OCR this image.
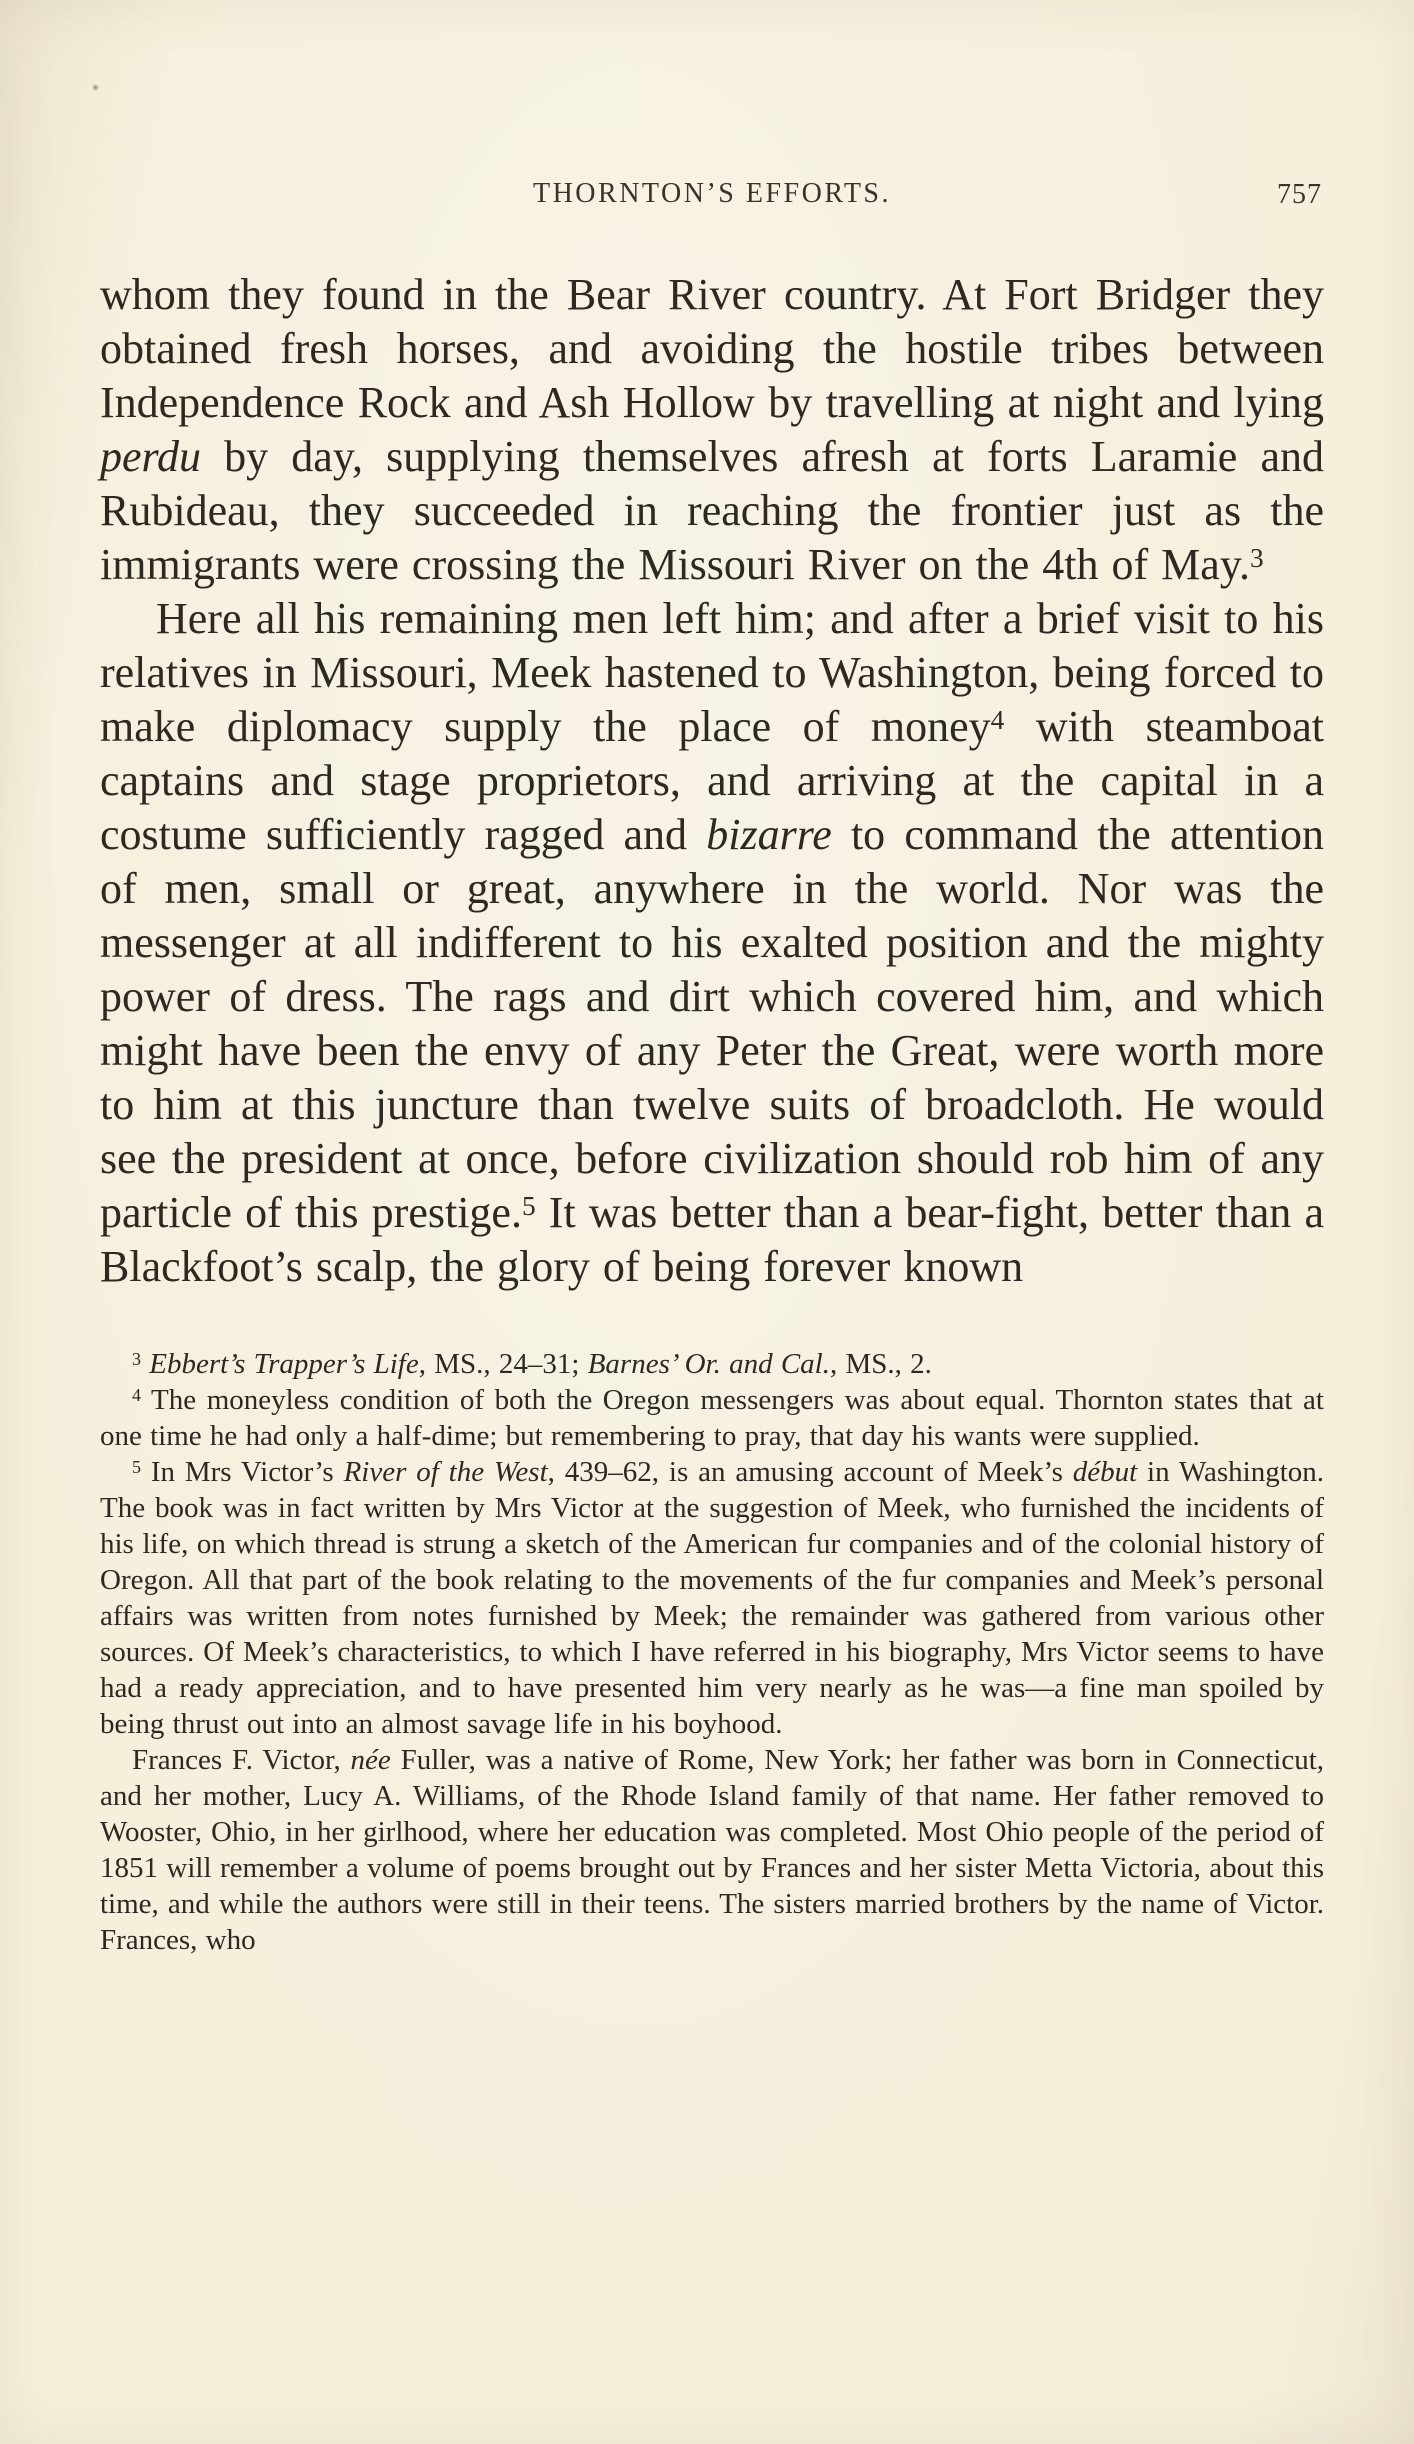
THORNTON’S EFFORTS.	757

whom they found in the Bear River country. At Fort Bridger they obtained fresh horses, and avoiding the hostile tribes between Independence Rock and Ash Hollow by travelling at night and lying perdu by day, supplying themselves afresh at forts Laramie and Rubideau, they succeeded in reaching the frontier just as the immigrants were crossing the Missouri River on the 4th of May.$^3$

Here all his remaining men left him; and after a brief visit to his relatives in Missouri, Meek hastened to Washington, being forced to make diplomacy supply the place of money$^4$ with steamboat captains and stage proprietors, and arriving at the capital in a costume sufficiently ragged and bizarre to command the attention of men, small or great, anywhere in the world. Nor was the messenger at all indifferent to his exalted position and the mighty power of dress. The rags and dirt which covered him, and which might have been the envy of any Peter the Great, were worth more to him at this juncture than twelve suits of broadcloth. He would see the president at once, before civilization should rob him of any particle of this prestige.$^5$ It was better than a bear-fight, better than a Blackfoot’s scalp, the glory of being forever known

$^3$ Ebbert’s Trapper’s Life, MS., 24–31; Barnes’ Or. and Cal., MS., 2.

$^4$ The moneyless condition of both the Oregon messengers was about equal. Thornton states that at one time he had only a half-dime; but remembering to pray, that day his wants were supplied.

$^5$ In Mrs Victor’s River of the West, 439–62, is an amusing account of Meek’s début in Washington. The book was in fact written by Mrs Victor at the suggestion of Meek, who furnished the incidents of his life, on which thread is strung a sketch of the American fur companies and of the colonial history of Oregon. All that part of the book relating to the movements of the fur companies and Meek’s personal affairs was written from notes furnished by Meek; the remainder was gathered from various other sources. Of Meek’s characteristics, to which I have referred in his biography, Mrs Victor seems to have had a ready appreciation, and to have presented him very nearly as he was—a fine man spoiled by being thrust out into an almost savage life in his boyhood.

Frances F. Victor, née Fuller, was a native of Rome, New York; her father was born in Connecticut, and her mother, Lucy A. Williams, of the Rhode Island family of that name. Her father removed to Wooster, Ohio, in her girlhood, where her education was completed. Most Ohio people of the period of 1851 will remember a volume of poems brought out by Frances and her sister Metta Victoria, about this time, and while the authors were still in their teens. The sisters married brothers by the name of Victor. Frances, who
